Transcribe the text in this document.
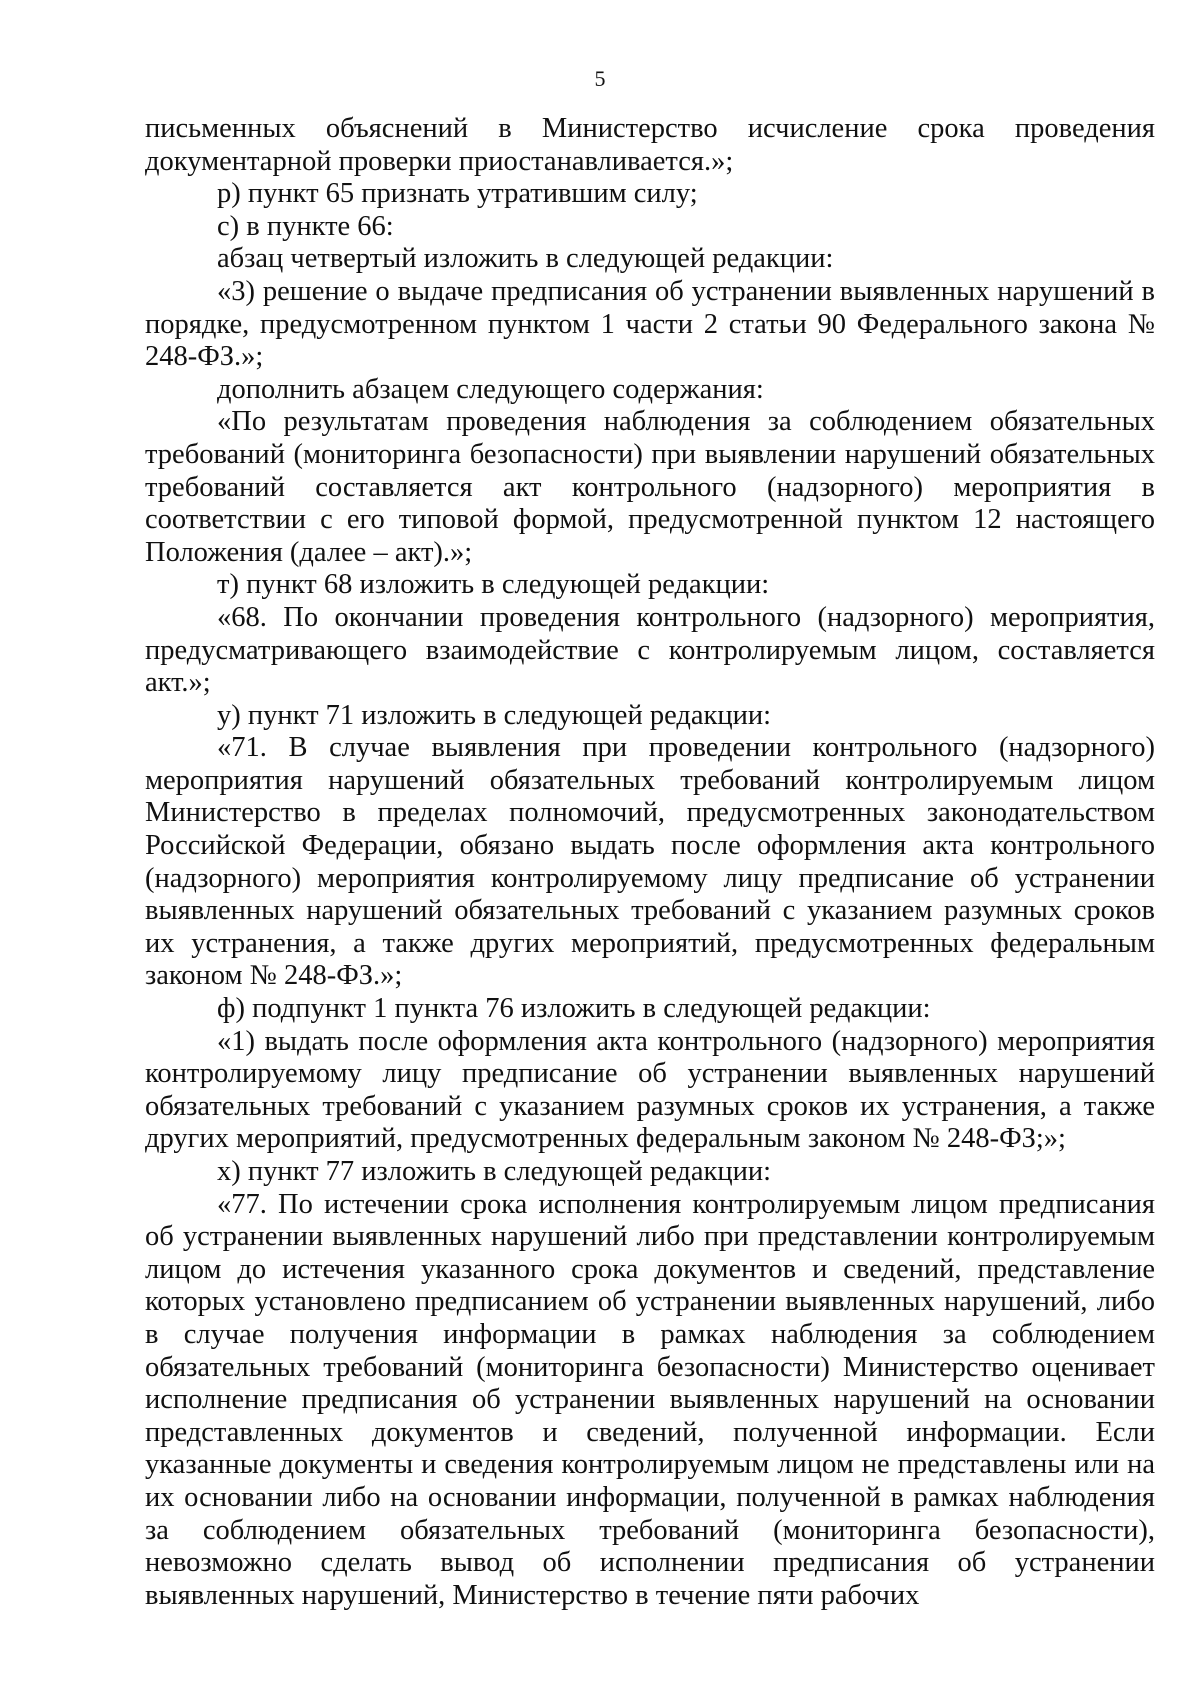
5

письменных объяснений в Министерство исчисление срока проведения документарной проверки приостанавливается.»;

р) пункт 65 признать утратившим силу;

с) в пункте 66:

абзац четвертый изложить в следующей редакции:

«3) решение о выдаче предписания об устранении выявленных нарушений в порядке, предусмотренном пунктом 1 части 2 статьи 90 Федерального закона № 248-ФЗ.»;

дополнить абзацем следующего содержания:

«По результатам проведения наблюдения за соблюдением обязательных требований (мониторинга безопасности) при выявлении нарушений обязательных требований составляется акт контрольного (надзорного) мероприятия в соответствии с его типовой формой, предусмотренной пунктом 12 настоящего Положения (далее – акт).»;

т) пункт 68 изложить в следующей редакции:

«68. По окончании проведения контрольного (надзорного) мероприятия, предусматривающего взаимодействие с контролируемым лицом, составляется акт.»;

у) пункт 71 изложить в следующей редакции:

«71. В случае выявления при проведении контрольного (надзорного) мероприятия нарушений обязательных требований контролируемым лицом Министерство в пределах полномочий, предусмотренных законодательством Российской Федерации, обязано выдать после оформления акта контрольного (надзорного) мероприятия контролируемому лицу предписание об устранении выявленных нарушений обязательных требований с указанием разумных сроков их устранения, а также других мероприятий, предусмотренных федеральным законом № 248-ФЗ.»;

ф) подпункт 1 пункта 76 изложить в следующей редакции:

«1) выдать после оформления акта контрольного (надзорного) мероприятия контролируемому лицу предписание об устранении выявленных нарушений обязательных требований с указанием разумных сроков их устранения, а также других мероприятий, предусмотренных федеральным законом № 248-ФЗ;»;

х) пункт 77 изложить в следующей редакции:

«77. По истечении срока исполнения контролируемым лицом предписания об устранении выявленных нарушений либо при представлении контролируемым лицом до истечения указанного срока документов и сведений, представление которых установлено предписанием об устранении выявленных нарушений, либо в случае получения информации в рамках наблюдения за соблюдением обязательных требований (мониторинга безопасности) Министерство оценивает исполнение предписания об устранении выявленных нарушений на основании представленных документов и сведений, полученной информации. Если указанные документы и сведения контролируемым лицом не представлены или на их основании либо на основании информации, полученной в рамках наблюдения за соблюдением обязательных требований (мониторинга безопасности), невозможно сделать вывод об исполнении предписания об устранении выявленных нарушений, Министерство в течение пяти рабочих
